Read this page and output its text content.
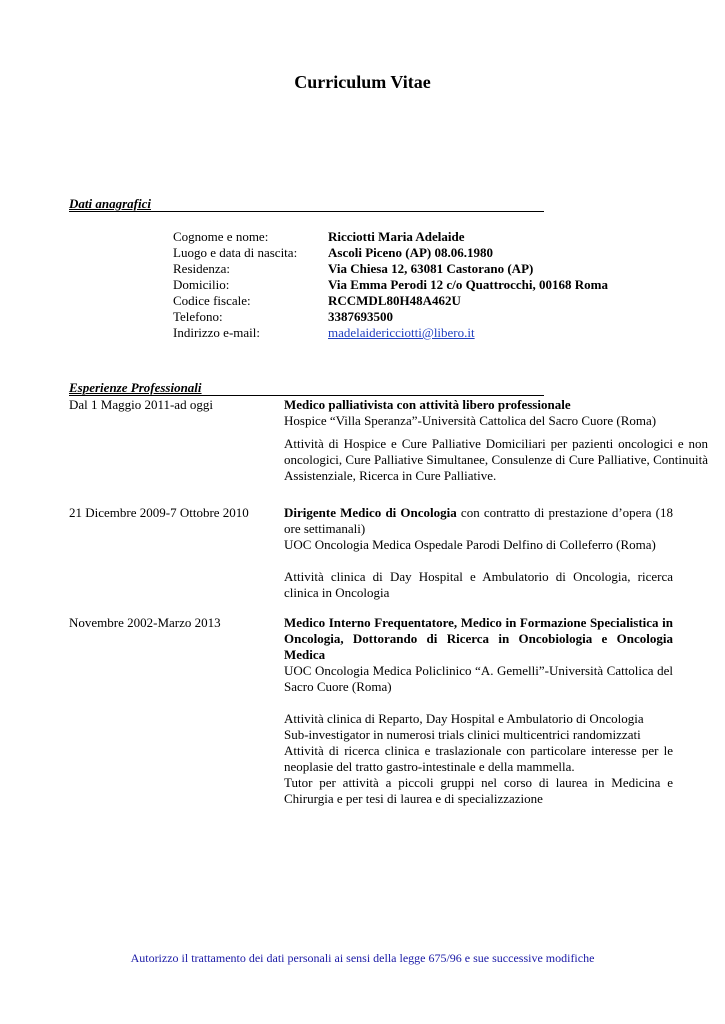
Curriculum Vitae
Dati anagrafici
Cognome e nome:	Ricciotti Maria Adelaide
Luogo e data di nascita: Ascoli Piceno (AP) 08.06.1980
Residenza:	Via Chiesa 12, 63081 Castorano (AP)
Domicilio:	Via Emma Perodi 12 c/o Quattrocchi, 00168 Roma
Codice fiscale:	RCCMDL80H48A462U
Telefono:	3387693500
Indirizzo e-mail:	madelaidericciotti@libero.it
Esperienze Professionali
Dal 1 Maggio 2011-ad oggi	Medico palliativista con attività libero professionale

Hospice “Villa Speranza”-Università Cattolica del Sacro Cuore (Roma)

Attività di Hospice e Cure Palliative Domiciliari per pazienti oncologici e non oncologici, Cure Palliative Simultanee, Consulenze di Cure Palliative, Continuità Assistenziale, Ricerca in Cure Palliative.

21 Dicembre 2009-7 Ottobre 2010	Dirigente Medico di Oncologia con contratto di prestazione d’opera (18 ore settimanali)

UOC Oncologia Medica Ospedale Parodi Delfino di Colleferro (Roma)

Attività clinica di Day Hospital e Ambulatorio di Oncologia, ricerca clinica in Oncologia

Novembre 2002-Marzo 2013	Medico Interno Frequentatore, Medico in Formazione Specialistica in Oncologia, Dottorando di Ricerca in Oncobiologia e Oncologia Medica

UOC Oncologia Medica Policlinico “A. Gemelli”-Università Cattolica del Sacro Cuore (Roma)

Attività clinica di Reparto, Day Hospital e Ambulatorio di Oncologia

Sub-investigator in numerosi trials clinici multicentrici randomizzati

Attività di ricerca clinica e traslazionale con particolare interesse per le neoplasie del tratto gastro-intestinale e della mammella.

Tutor per attività a piccoli gruppi nel corso di laurea in Medicina e Chirurgia e per tesi di laurea e di specializzazione

Autorizzo il trattamento dei dati personali ai sensi della legge 675/96 e sue successive modifiche
